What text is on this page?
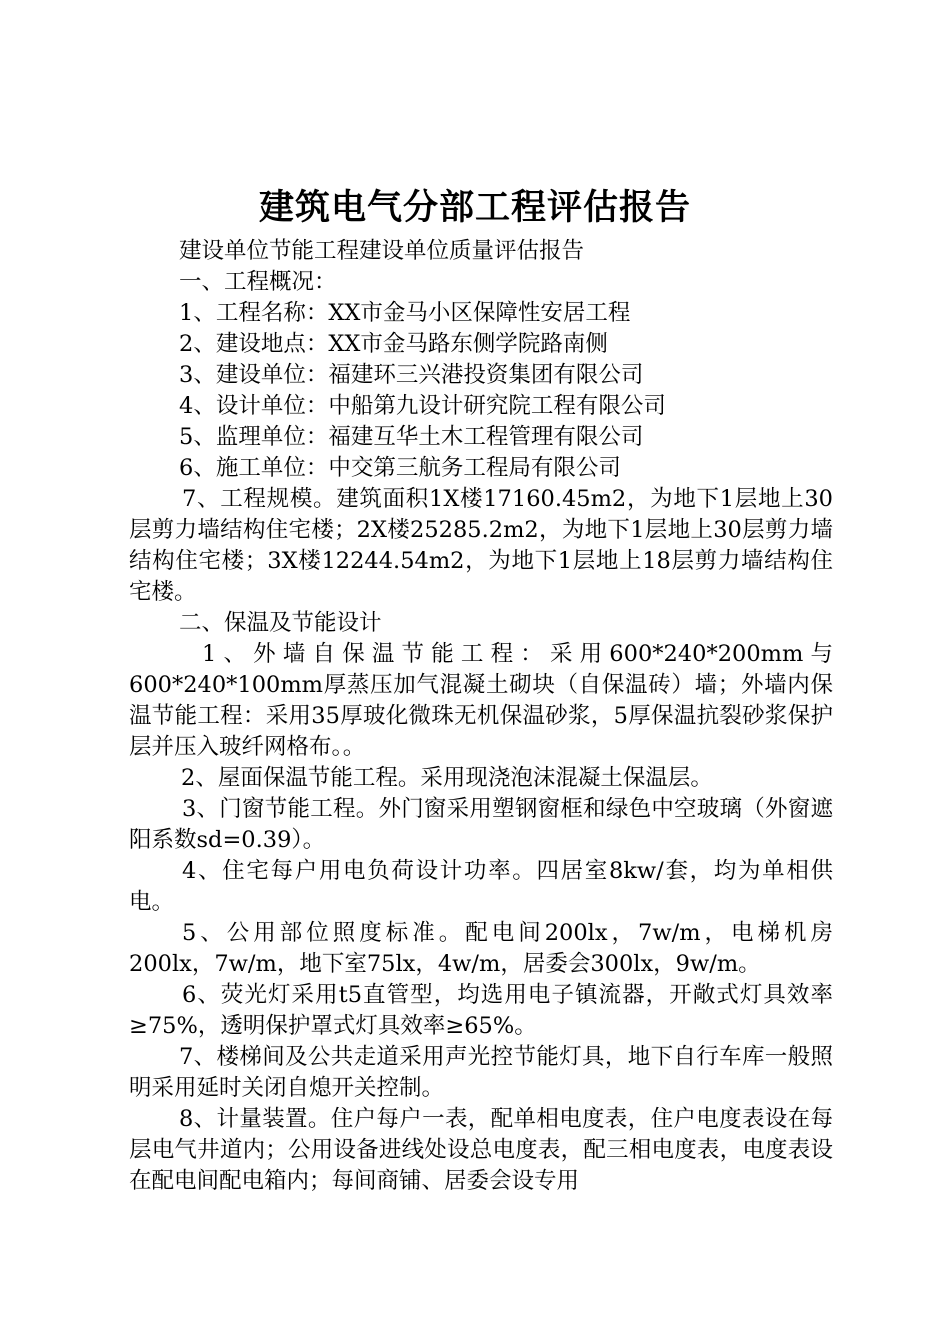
建筑电气分部工程评估报告

建设单位节能工程建设单位质量评估报告

一、工程概况：

1、工程名称：XX市金马小区保障性安居工程

2、建设地点：XX市金马路东侧学院路南侧

3、建设单位：福建环三兴港投资集团有限公司

4、设计单位：中船第九设计研究院工程有限公司

5、监理单位：福建互华土木工程管理有限公司

6、施工单位：中交第三航务工程局有限公司

7、工程规模。建筑面积1X楼17160.45m2，为地下1层地上30层剪力墙结构住宅楼；2X楼25285.2m2，为地下1层地上30层剪力墙结构住宅楼；3X楼12244.54m2，为地下1层地上18层剪力墙结构住宅楼。

二、保温及节能设计

1、外墙自保温节能工程：采用600*240*200mm与600*240*100mm厚蒸压加气混凝土砌块（自保温砖）墙；外墙内保温节能工程：采用35厚玻化微珠无机保温砂浆，5厚保温抗裂砂浆保护层并压入玻纤网格布。。

2、屋面保温节能工程。采用现浇泡沫混凝土保温层。

3、门窗节能工程。外门窗采用塑钢窗框和绿色中空玻璃（外窗遮阳系数sd=0.39）。

4、住宅每户用电负荷设计功率。四居室8kw/套，均为单相供电。

5、公用部位照度标准。配电间200lx，7w/m，电梯机房200lx，7w/m，地下室75lx，4w/m，居委会300lx，9w/m。

6、荧光灯采用t5直管型，均选用电子镇流器，开敞式灯具效率≥75%，透明保护罩式灯具效率≥65%。

7、楼梯间及公共走道采用声光控节能灯具，地下自行车库一般照明采用延时关闭自熄开关控制。

8、计量装置。住户每户一表，配单相电度表，住户电度表设在每层电气井道内；公用设备进线处设总电度表，配三相电度表，电度表设在配电间配电箱内；每间商铺、居委会设专用
